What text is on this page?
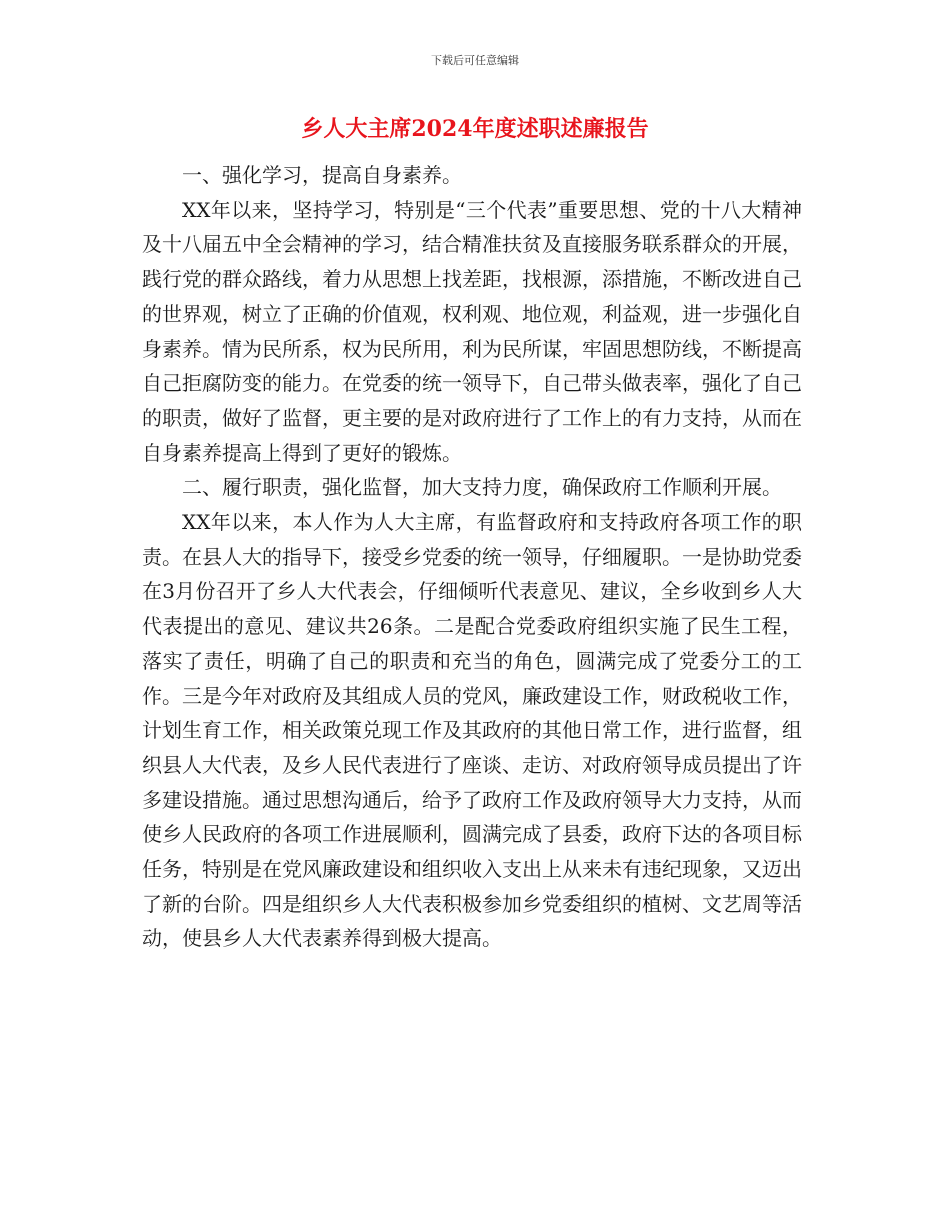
下载后可任意编辑
乡人大主席2024年度述职述廉报告

一、强化学习，提高自身素养。

XX年以来，坚持学习，特别是“三个代表”重要思想、党的十八大精神及十八届五中全会精神的学习，结合精准扶贫及直接服务联系群众的开展，践行党的群众路线，着力从思想上找差距，找根源，添措施，不断改进自己的世界观，树立了正确的价值观，权利观、地位观，利益观，进一步强化自身素养。情为民所系，权为民所用，利为民所谋，牢固思想防线，不断提高自己拒腐防变的能力。在党委的统一领导下，自己带头做表率，强化了自己的职责，做好了监督，更主要的是对政府进行了工作上的有力支持，从而在自身素养提高上得到了更好的锻炼。

二、履行职责，强化监督，加大支持力度，确保政府工作顺利开展。

XX年以来，本人作为人大主席，有监督政府和支持政府各项工作的职责。在县人大的指导下，接受乡党委的统一领导，仔细履职。一是协助党委在3月份召开了乡人大代表会，仔细倾听代表意见、建议，全乡收到乡人大代表提出的意见、建议共26条。二是配合党委政府组织实施了民生工程，落实了责任，明确了自己的职责和充当的角色，圆满完成了党委分工的工作。三是今年对政府及其组成人员的党风，廉政建设工作，财政税收工作，计划生育工作，相关政策兑现工作及其政府的其他日常工作，进行监督，组织县人大代表，及乡人民代表进行了座谈、走访、对政府领导成员提出了许多建设措施。通过思想沟通后，给予了政府工作及政府领导大力支持，从而使乡人民政府的各项工作进展顺利，圆满完成了县委，政府下达的各项目标任务，特别是在党风廉政建设和组织收入支出上从来未有违纪现象，又迈出了新的台阶。四是组织乡人大代表积极参加乡党委组织的植树、文艺周等活动，使县乡人大代表素养得到极大提高。
